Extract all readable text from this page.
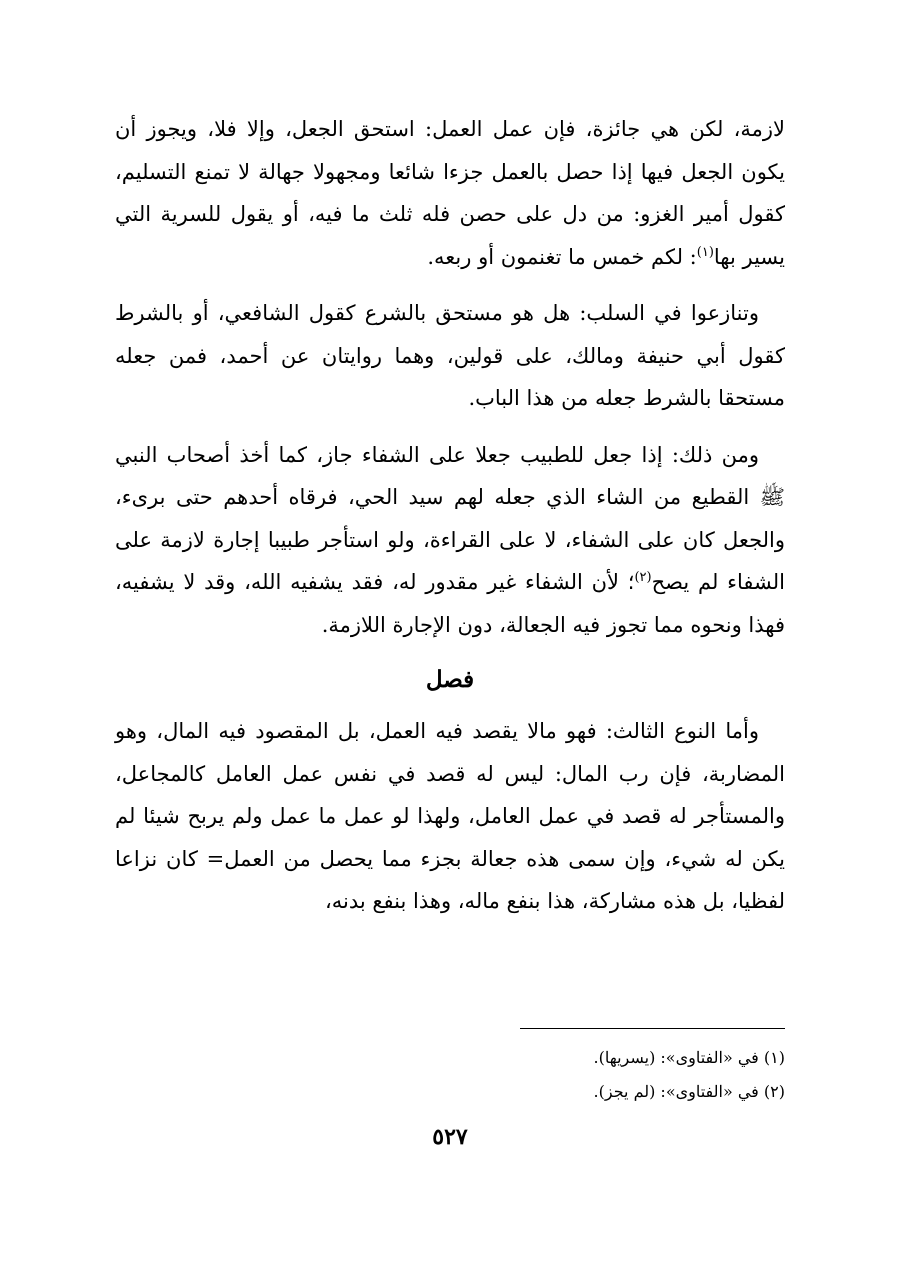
لازمة، لكن هي جائزة، فإن عمل العمل: استحق الجعل، وإلا فلا، ويجوز أن يكون الجعل فيها إذا حصل بالعمل جزءا شائعا ومجهولا جهالة لا تمنع التسليم، كقول أمير الغزو: من دل على حصن فله ثلث ما فيه، أو يقول للسرية التي يسير بها$^{(١)}$: لكم خمس ما تغنمون أو ربعه.

وتنازعوا في السلب: هل هو مستحق بالشرع كقول الشافعي، أو بالشرط كقول أبي حنيفة ومالك، على قولين، وهما روايتان عن أحمد، فمن جعله مستحقا بالشرط جعله من هذا الباب.

ومن ذلك: إذا جعل للطبيب جعلا على الشفاء جاز، كما أخذ أصحاب النبي ﷺ القطيع من الشاء الذي جعله لهم سيد الحي، فرقاه أحدهم حتى برىء، والجعل كان على الشفاء، لا على القراءة، ولو استأجر طبيبا إجارة لازمة على الشفاء لم يصح$^{(٢)}$؛ لأن الشفاء غير مقدور له، فقد يشفيه الله، وقد لا يشفيه، فهذا ونحوه مما تجوز فيه الجعالة، دون الإجارة اللازمة.

فصل

وأما النوع الثالث: فهو مالا يقصد فيه العمل، بل المقصود فيه المال، وهو المضاربة، فإن رب المال: ليس له قصد في نفس عمل العامل كالمجاعل، والمستأجر له قصد في عمل العامل، ولهذا لو عمل ما عمل ولم يربح شيئا لم يكن له شيء، وإن سمى هذه جعالة بجزء مما يحصل من العمل= كان نزاعا لفظيا، بل هذه مشاركة، هذا بنفع ماله، وهذا بنفع بدنه،

(١) في «الفتاوى»: (يسريها).

(٢) في «الفتاوى»: (لم يجز).

٥٢٧
